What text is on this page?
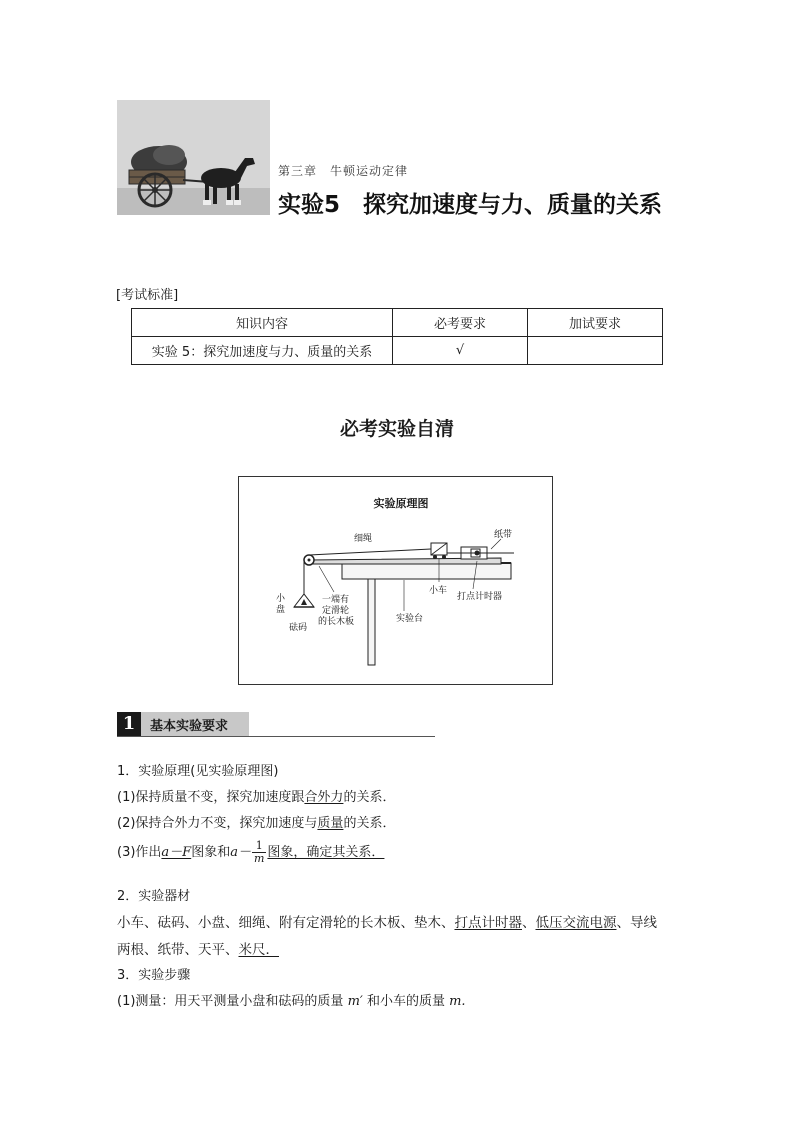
第三章　牛顿运动定律
实验5　探究加速度与力、质量的关系
[考试标准]
知识内容	必考要求	加试要求
实验 5：探究加速度与力、质量的关系	√	
必考实验自清
实验原理图
细绳	纸带
小车
打点计时器
小
盘
砝码
一端有
定滑轮
的长木板	实验台
1	基本实验要求
1．实验原理(见实验原理图)
(1)保持质量不变，探究加速度跟合外力的关系．
(2)保持合外力不变，探究加速度与质量的关系．
(3)作出a－F图象和$a- \frac{1}{m}$ 图象，确定其关系．
2．实验器材
小车、砝码、小盘、细绳、附有定滑轮的长木板、垫木、打点计时器、低压交流电源、导线
两根、纸带、天平、米尺．
3．实验步骤
(1)测量：用天平测量小盘和砝码的质量 m′ 和小车的质量 m.
